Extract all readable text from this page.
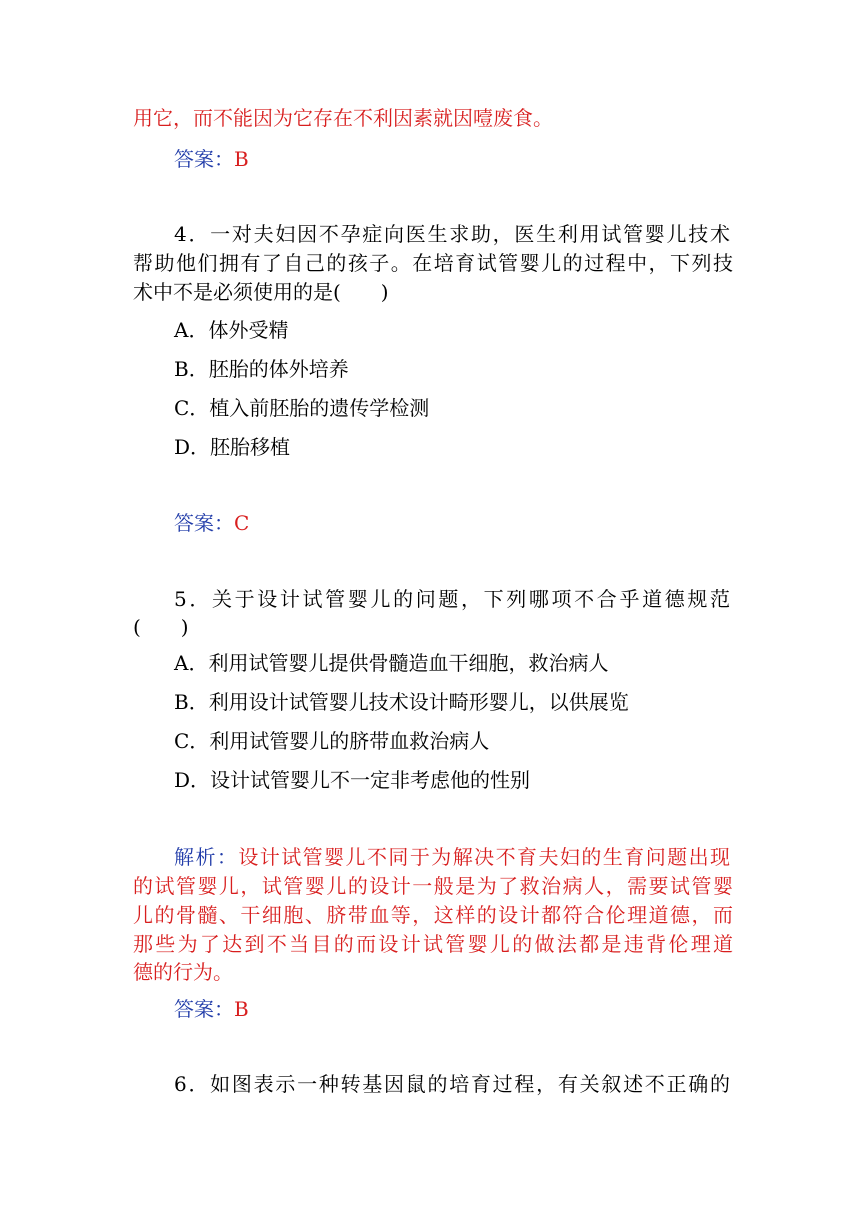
用它，而不能因为它存在不利因素就因噎废食。
答案：B
4．一对夫妇因不孕症向医生求助，医生利用试管婴儿技术
帮助他们拥有了自己的孩子。在培育试管婴儿的过程中，下列技
术中不是必须使用的是(　　)
A．体外受精
B．胚胎的体外培养
C．植入前胚胎的遗传学检测
D．胚胎移植
答案：C
5．关于设计试管婴儿的问题，下列哪项不合乎道德规范
(　　)
A．利用试管婴儿提供骨髓造血干细胞，救治病人
B．利用设计试管婴儿技术设计畸形婴儿，以供展览
C．利用试管婴儿的脐带血救治病人
D．设计试管婴儿不一定非考虑他的性别
解析：设计试管婴儿不同于为解决不育夫妇的生育问题出现
的试管婴儿，试管婴儿的设计一般是为了救治病人，需要试管婴
儿的骨髓、干细胞、脐带血等，这样的设计都符合伦理道德，而
那些为了达到不当目的而设计试管婴儿的做法都是违背伦理道
德的行为。
答案：B
6．如图表示一种转基因鼠的培育过程，有关叙述不正确的
